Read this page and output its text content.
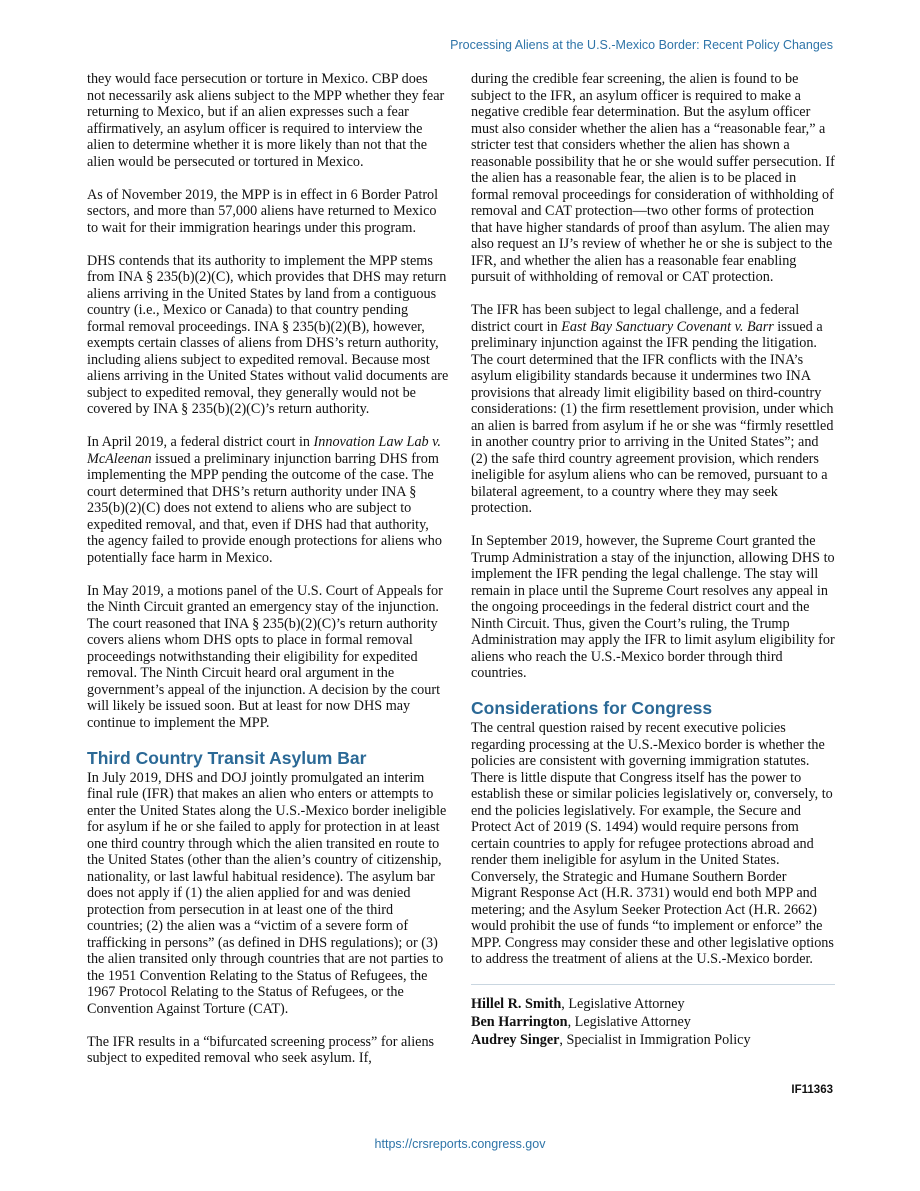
Processing Aliens at the U.S.-Mexico Border: Recent Policy Changes

they would face persecution or torture in Mexico. CBP does not necessarily ask aliens subject to the MPP whether they fear returning to Mexico, but if an alien expresses such a fear affirmatively, an asylum officer is required to interview the alien to determine whether it is more likely than not that the alien would be persecuted or tortured in Mexico.

As of November 2019, the MPP is in effect in 6 Border Patrol sectors, and more than 57,000 aliens have returned to Mexico to wait for their immigration hearings under this program.

DHS contends that its authority to implement the MPP stems from INA § 235(b)(2)(C), which provides that DHS may return aliens arriving in the United States by land from a contiguous country (i.e., Mexico or Canada) to that country pending formal removal proceedings. INA § 235(b)(2)(B), however, exempts certain classes of aliens from DHS’s return authority, including aliens subject to expedited removal. Because most aliens arriving in the United States without valid documents are subject to expedited removal, they generally would not be covered by INA § 235(b)(2)(C)’s return authority.

In April 2019, a federal district court in Innovation Law Lab v. McAleenan issued a preliminary injunction barring DHS from implementing the MPP pending the outcome of the case. The court determined that DHS’s return authority under INA § 235(b)(2)(C) does not extend to aliens who are subject to expedited removal, and that, even if DHS had that authority, the agency failed to provide enough protections for aliens who potentially face harm in Mexico.

In May 2019, a motions panel of the U.S. Court of Appeals for the Ninth Circuit granted an emergency stay of the injunction. The court reasoned that INA § 235(b)(2)(C)’s return authority covers aliens whom DHS opts to place in formal removal proceedings notwithstanding their eligibility for expedited removal. The Ninth Circuit heard oral argument in the government’s appeal of the injunction. A decision by the court will likely be issued soon. But at least for now DHS may continue to implement the MPP.

Third Country Transit Asylum Bar

In July 2019, DHS and DOJ jointly promulgated an interim final rule (IFR) that makes an alien who enters or attempts to enter the United States along the U.S.-Mexico border ineligible for asylum if he or she failed to apply for protection in at least one third country through which the alien transited en route to the United States (other than the alien’s country of citizenship, nationality, or last lawful habitual residence). The asylum bar does not apply if (1) the alien applied for and was denied protection from persecution in at least one of the third countries; (2) the alien was a “victim of a severe form of trafficking in persons” (as defined in DHS regulations); or (3) the alien transited only through countries that are not parties to the 1951 Convention Relating to the Status of Refugees, the 1967 Protocol Relating to the Status of Refugees, or the Convention Against Torture (CAT).

The IFR results in a “bifurcated screening process” for aliens subject to expedited removal who seek asylum. If,

during the credible fear screening, the alien is found to be subject to the IFR, an asylum officer is required to make a negative credible fear determination. But the asylum officer must also consider whether the alien has a “reasonable fear,” a stricter test that considers whether the alien has shown a reasonable possibility that he or she would suffer persecution. If the alien has a reasonable fear, the alien is to be placed in formal removal proceedings for consideration of withholding of removal and CAT protection—two other forms of protection that have higher standards of proof than asylum. The alien may also request an IJ’s review of whether he or she is subject to the IFR, and whether the alien has a reasonable fear enabling pursuit of withholding of removal or CAT protection.

The IFR has been subject to legal challenge, and a federal district court in East Bay Sanctuary Covenant v. Barr issued a preliminary injunction against the IFR pending the litigation. The court determined that the IFR conflicts with the INA’s asylum eligibility standards because it undermines two INA provisions that already limit eligibility based on third-country considerations: (1) the firm resettlement provision, under which an alien is barred from asylum if he or she was “firmly resettled in another country prior to arriving in the United States”; and (2) the safe third country agreement provision, which renders ineligible for asylum aliens who can be removed, pursuant to a bilateral agreement, to a country where they may seek protection.

In September 2019, however, the Supreme Court granted the Trump Administration a stay of the injunction, allowing DHS to implement the IFR pending the legal challenge. The stay will remain in place until the Supreme Court resolves any appeal in the ongoing proceedings in the federal district court and the Ninth Circuit. Thus, given the Court’s ruling, the Trump Administration may apply the IFR to limit asylum eligibility for aliens who reach the U.S.-Mexico border through third countries.

Considerations for Congress

The central question raised by recent executive policies regarding processing at the U.S.-Mexico border is whether the policies are consistent with governing immigration statutes. There is little dispute that Congress itself has the power to establish these or similar policies legislatively or, conversely, to end the policies legislatively. For example, the Secure and Protect Act of 2019 (S. 1494) would require persons from certain countries to apply for refugee protections abroad and render them ineligible for asylum in the United States. Conversely, the Strategic and Humane Southern Border Migrant Response Act (H.R. 3731) would end both MPP and metering; and the Asylum Seeker Protection Act (H.R. 2662) would prohibit the use of funds “to implement or enforce” the MPP. Congress may consider these and other legislative options to address the treatment of aliens at the U.S.-Mexico border.

Hillel R. Smith, Legislative Attorney
Ben Harrington, Legislative Attorney
Audrey Singer, Specialist in Immigration Policy
IF11363
https://crsreports.congress.gov
